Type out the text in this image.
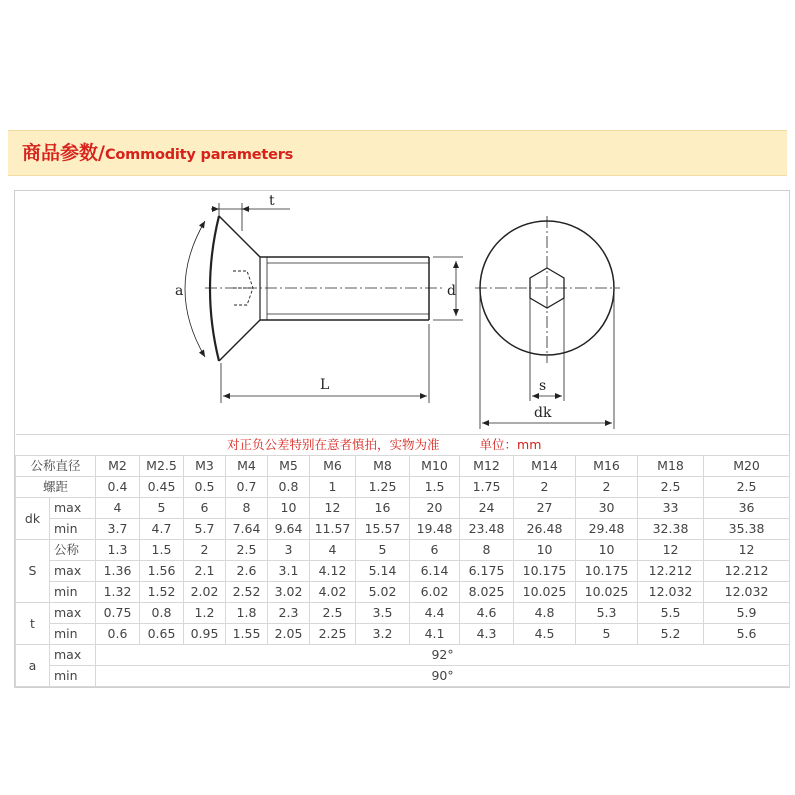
商品参数/Commodity parameters
t
a	d
L	s
dk
对正负公差特别在意者慎拍，实物为准										单位：mm				
公称直径		M2	M2.5	M3	M4	M5	M6	M8	M10	M12	M14	M16	M18	M20
螺距		0.4	0.45	0.5	0.7	0.8	1	1.25	1.5	1.75	2	2	2.5	2.5
dk	max	4	5	6	8	10	12	16	20	24	27	30	33	36
	min	3.7	4.7	5.7	7.64	9.64	11.57	15.57	19.48	23.48	26.48	29.48	32.38	35.38
S	公称	1.3	1.5	2	2.5	3	4	5	6	8	10	10	12	12
	max	1.36	1.56	2.1	2.6	3.1	4.12	5.14	6.14	6.175	10.175	10.175	12.212	12.212
	min	1.32	1.52	2.02	2.52	3.02	4.02	5.02	6.02	8.025	10.025	10.025	12.032	12.032
t	max	0.75	0.8	1.2	1.8	2.3	2.5	3.5	4.4	4.6	4.8	5.3	5.5	5.9
	min	0.6	0.65	0.95	1.55	2.05	2.25	3.2	4.1	4.3	4.5	5	5.2	5.6
a	max	92°												
	min	90°												
